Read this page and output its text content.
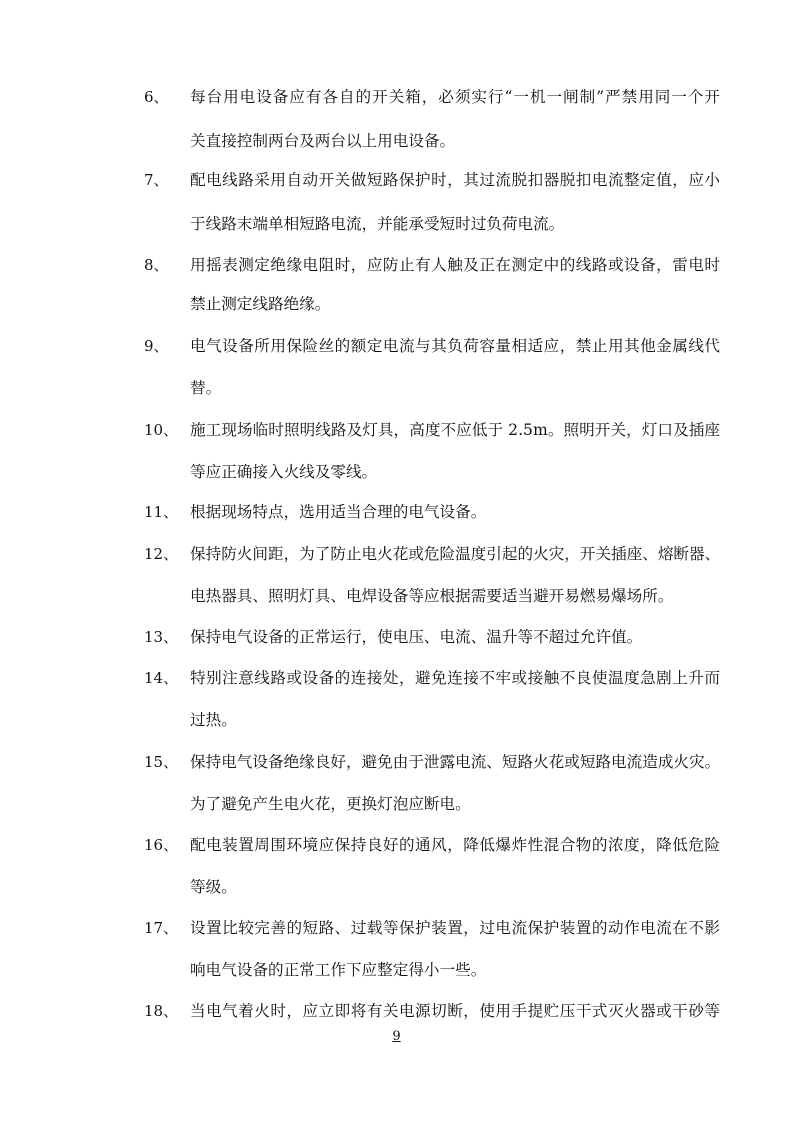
6、 每台用电设备应有各自的开关箱，必须实行“一机一闸制”严禁用同一个开
关直接控制两台及两台以上用电设备。
7、 配电线路采用自动开关做短路保护时，其过流脱扣器脱扣电流整定值，应小
于线路末端单相短路电流，并能承受短时过负荷电流。
8、 用摇表测定绝缘电阻时，应防止有人触及正在测定中的线路或设备，雷电时
禁止测定线路绝缘。
9、 电气设备所用保险丝的额定电流与其负荷容量相适应，禁止用其他金属线代
替。
10、 施工现场临时照明线路及灯具，高度不应低于 2.5m。照明开关，灯口及插座
等应正确接入火线及零线。
11、 根据现场特点，选用适当合理的电气设备。
12、 保持防火间距，为了防止电火花或危险温度引起的火灾，开关插座、熔断器、
电热器具、照明灯具、电焊设备等应根据需要适当避开易燃易爆场所。
13、 保持电气设备的正常运行，使电压、电流、温升等不超过允许值。
14、 特别注意线路或设备的连接处，避免连接不牢或接触不良使温度急剧上升而
过热。
15、 保持电气设备绝缘良好，避免由于泄露电流、短路火花或短路电流造成火灾。
为了避免产生电火花，更换灯泡应断电。
16、 配电装置周围环境应保持良好的通风，降低爆炸性混合物的浓度，降低危险
等级。
17、 设置比较完善的短路、过载等保护装置，过电流保护装置的动作电流在不影
响电气设备的正常工作下应整定得小一些。
18、 当电气着火时，应立即将有关电源切断，使用手提贮压干式灭火器或干砂等
9
